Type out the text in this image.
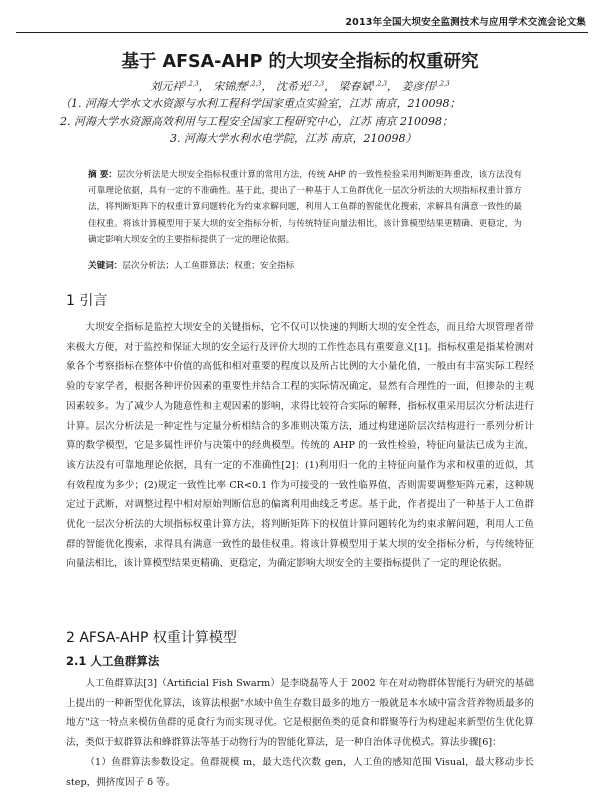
2013年全国大坝安全监测技术与应用学术交流会论文集
基于 AFSA-AHP 的大坝安全指标的权重研究
刘元祥$^{1,2,3}$， 宋锦焘$^{1,2,3}$， 沈希光$^{1,2,3}$， 梁春斌$^{1,2,3}$， 姜彦伟$^{1,2,3}$
（1. 河海大学水文水资源与水利工程科学国家重点实验室，江苏 南京，210098；
2. 河海大学水资源高效利用与工程安全国家工程研究中心，江苏 南京 210098；
3. 河海大学水利水电学院，江苏 南京，210098）
摘 要：层次分析法是大坝安全指标权重计算的常用方法，传统 AHP 的一致性检验采用判断矩阵重改，该方法没有可靠理论依据，具有一定的不准确性。基于此，提出了一种基于人工鱼群优化一层次分析法的大坝指标权重计算方法，将判断矩阵下的权重计算问题转化为约束求解问题，利用人工鱼群的智能优化搜索，求解具有满意一致性的最佳权重。将该计算模型用于某大坝的安全指标分析，与传统特征向量法相比，该计算模型结果更精确、更稳定，为确定影响大坝安全的主要指标提供了一定的理论依据。
关键词：层次分析法；人工鱼群算法；权重；安全指标
1 引言

大坝安全指标是监控大坝安全的关键指标，它不仅可以快速的判断大坝的安全性态，而且给大坝管理者带来极大方便，对于监控和保证大坝的安全运行及评价大坝的工作性态具有重要意义[1]。指标权重是指某检测对象各个考察指标在整体中价值的高低和相对重要的程度以及所占比例的大小量化值，一般由有丰富实际工程经验的专家学者，根据各种评价因素的重要性并结合工程的实际情况确定，显然有合理性的一面，但掺杂的主观因素较多。为了减少人为随意性和主观因素的影响，求得比较符合实际的解释，指标权重采用层次分析法进行计算。层次分析法是一种定性与定量分析相结合的多准则决策方法，通过构建递阶层次结构进行一系列分析计算的数学模型，它是多属性评价与决策中的经典模型。传统的 AHP 的一致性检验，特征向量法已成为主流，该方法没有可靠地理论依据，具有一定的不准确性[2]：(1)利用归一化的主特征向量作为求和权重的近似，其有效程度为多少；(2)规定一致性比率 CR<0.1 作为可接受的一致性临界值，否则需要调整矩阵元素，这种规定过于武断，对调整过程中相对原始判断信息的偏离利用曲线乏考虑。基于此，作者提出了一种基于人工鱼群优化一层次分析法的大坝指标权重计算方法，将判断矩阵下的权值计算问题转化为约束求解问题，利用人工鱼群的智能优化搜索，求得具有满意一致性的最佳权重。将该计算模型用于某大坝的安全指标分析，与传统特征向量法相比，该计算模型结果更精确、更稳定，为确定影响大坝安全的主要指标提供了一定的理论依据。

2 AFSA-AHP 权重计算模型
2.1 人工鱼群算法

人工鱼群算法[3]（Artificial Fish Swarm）是李晓磊等人于 2002 年在对动物群体智能行为研究的基础上提出的一种新型优化算法，该算法根据"水域中鱼生存数目最多的地方一般就是本水域中富含营养物质最多的地方"这一特点来模仿鱼群的觅食行为而实现寻优。它是根据鱼类的觅食和群聚等行为构建起来新型仿生优化算法，类似于蚁群算法和蜂群算法等基于动物行为的智能化算法，是一种自治体寻优模式。算法步骤[6]：

（1）鱼群算法参数设定。鱼群规模 m，最大迭代次数 gen，人工鱼的感知范围 Visual，最大移动步长 step，拥挤度因子 δ 等。
